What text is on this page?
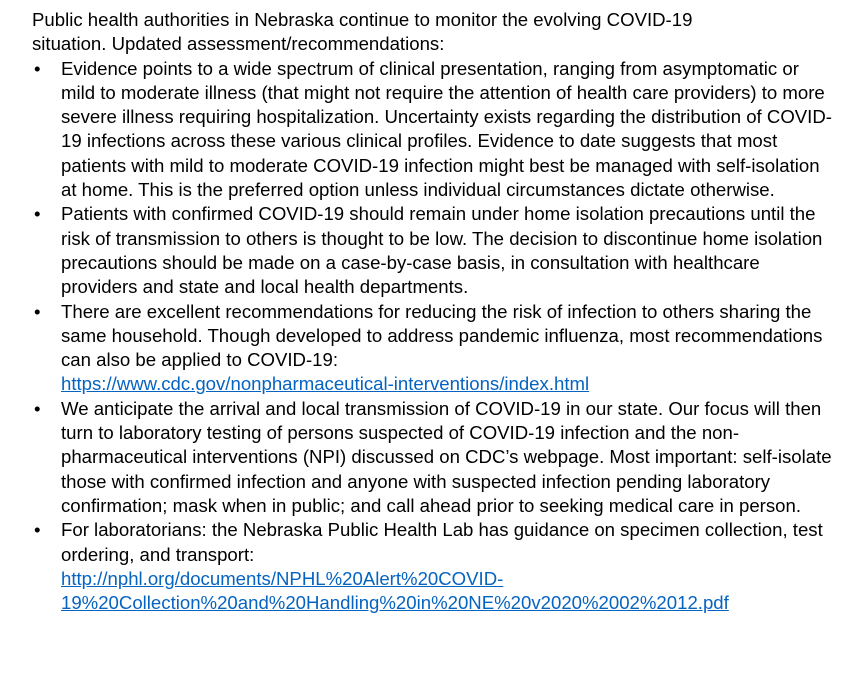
Public health authorities in Nebraska continue to monitor the evolving COVID-19
situation. Updated assessment/recommendations:

• Evidence points to a wide spectrum of clinical presentation, ranging from asymptomatic or mild to moderate illness (that might not require the attention of health care providers) to more severe illness requiring hospitalization. Uncertainty exists regarding the distribution of COVID-19 infections across these various clinical profiles. Evidence to date suggests that most patients with mild to moderate COVID-19 infection might best be managed with self-isolation at home. This is the preferred option unless individual circumstances dictate otherwise.
• Patients with confirmed COVID-19 should remain under home isolation precautions until the risk of transmission to others is thought to be low. The decision to discontinue home isolation precautions should be made on a case-by-case basis, in consultation with healthcare providers and state and local health departments.
• There are excellent recommendations for reducing the risk of infection to others sharing the same household. Though developed to address pandemic influenza, most recommendations can also be applied to COVID-19:
https://www.cdc.gov/nonpharmaceutical-interventions/index.html
• We anticipate the arrival and local transmission of COVID-19 in our state. Our focus will then turn to laboratory testing of persons suspected of COVID-19 infection and the non-pharmaceutical interventions (NPI) discussed on CDC’s webpage. Most important: self-isolate those with confirmed infection and anyone with suspected infection pending laboratory confirmation; mask when in public; and call ahead prior to seeking medical care in person.
• For laboratorians: the Nebraska Public Health Lab has guidance on specimen collection, test ordering, and transport:
http://nphl.org/documents/NPHL%20Alert%20COVID-
19%20Collection%20and%20Handling%20in%20NE%20v2020%2002%2012.pdf
